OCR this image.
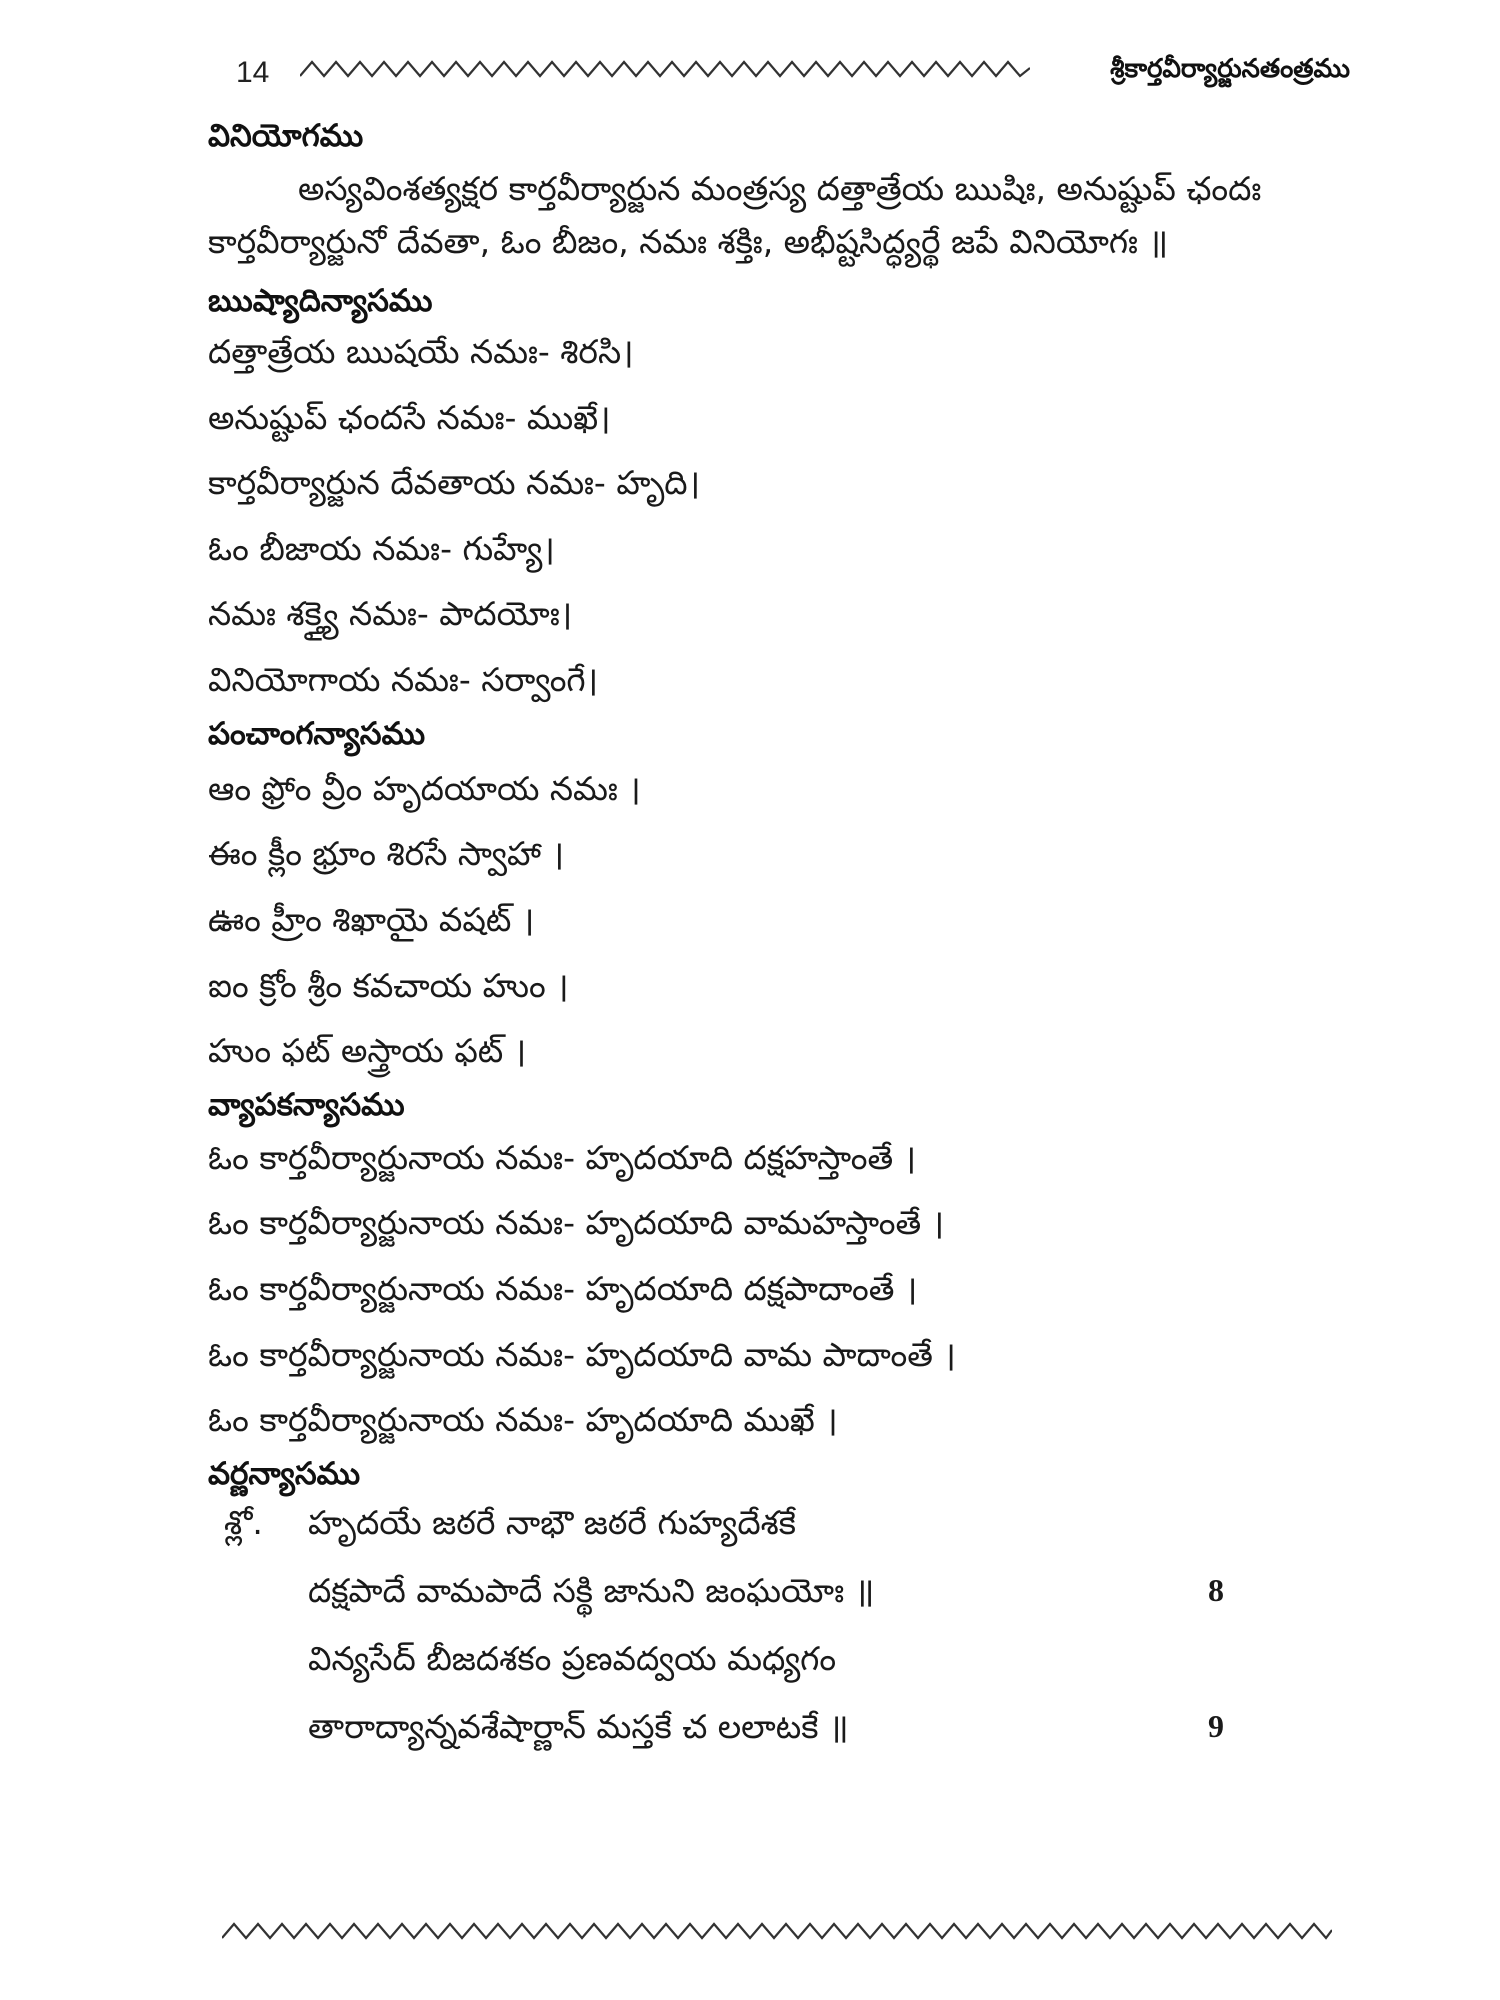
14	శ్రీకార్తవీర్యార్జునతంత్రము

వినియోగము

అస్యవింశత్యక్షర కార్తవీర్యార్జున మంత్రస్య దత్తాత్రేయ ఋషిః, అనుష్టుప్ ఛందః

కార్తవీర్యార్జునో దేవతా, ఓం బీజం, నమః శక్తిః, అభీష్టసిద్ధ్యర్థే జపే వినియోగః ॥

ఋష్యాదిన్యాసము

దత్తాత్రేయ ఋషయే నమః- శిరసి।

అనుష్టుప్ ఛందసే నమః- ముఖే।

కార్తవీర్యార్జున దేవతాయ నమః- హృది।

ఓం బీజాయ నమః- గుహ్యే।

నమః శక్త్యై నమః- పాదయోః।

వినియోగాయ నమః- సర్వాంగే।

పంచాంగన్యాసము

ఆం ఫ్రోం వ్రీం హృదయాయ నమః ।

ఈం క్లీం భ్రూం శిరసే స్వాహా ।

ఊం హ్రీం శిఖాయై వషట్ ।

ఐం క్రోం శ్రీం కవచాయ హుం ।

హుం ఫట్ అస్త్రాయ ఫట్ ।

వ్యాపకన్యాసము

ఓం కార్తవీర్యార్జునాయ నమః- హృదయాది దక్షహస్తాంతే ।

ఓం కార్తవీర్యార్జునాయ నమః- హృదయాది వామహస్తాంతే ।

ఓం కార్తవీర్యార్జునాయ నమః- హృదయాది దక్షపాదాంతే ।

ఓం కార్తవీర్యార్జునాయ నమః- హృదయాది వామ పాదాంతే ।

ఓం కార్తవీర్యార్జునాయ నమః- హృదయాది ముఖే ।

వర్ణన్యాసము

శ్లో. హృదయే జఠరే నాభౌ జఠరే గుహ్యదేశకే
దక్షపాదే వామపాదే సక్థి జానుని జంఘయోః ॥	8
విన్యసేద్ బీజదశకం ప్రణవద్వయ మధ్యగం
తారాద్యాన్నవశేషార్ణాన్ మస్తకే చ లలాటకే ॥	9
